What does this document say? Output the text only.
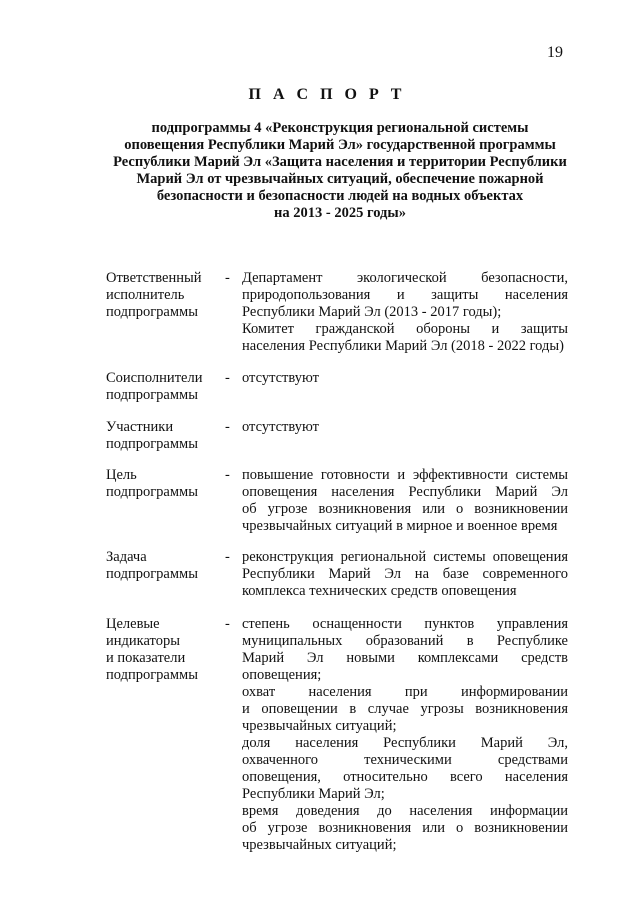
19
П А С П О Р Т
подпрограммы 4 «Реконструкция региональной системы
оповещения Республики Марий Эл» государственной программы
Республики Марий Эл «Защита населения и территории Республики
Марий Эл от чрезвычайных ситуаций, обеспечение пожарной
безопасности и безопасности людей на водных объектах
на 2013 - 2025 годы»
Ответственный
исполнитель
подпрограммы
- Департамент экологической безопасности,
природопользования и защиты населения
Республики Марий Эл (2013 - 2017 годы);
Комитет гражданской обороны и защиты
населения Республики Марий Эл (2018 - 2022 годы)
Соисполнители
подпрограммы
- отсутствуют
Участники
подпрограммы
- отсутствуют
Цель
подпрограммы
- повышение готовности и эффективности системы
оповещения населения Республики Марий Эл
об угрозе возникновения или о возникновении
чрезвычайных ситуаций в мирное и военное время
Задача
подпрограммы
- реконструкция региональной системы оповещения
Республики Марий Эл на базе современного
комплекса технических средств оповещения
Целевые
индикаторы
и показатели
подпрограммы
- степень оснащенности пунктов управления
муниципальных образований в Республике
Марий Эл новыми комплексами средств
оповещения;
охват населения при информировании
и оповещении в случае угрозы возникновения
чрезвычайных ситуаций;
доля населения Республики Марий Эл,
охваченного техническими средствами
оповещения, относительно всего населения
Республики Марий Эл;
время доведения до населения информации
об угрозе возникновения или о возникновении
чрезвычайных ситуаций;
